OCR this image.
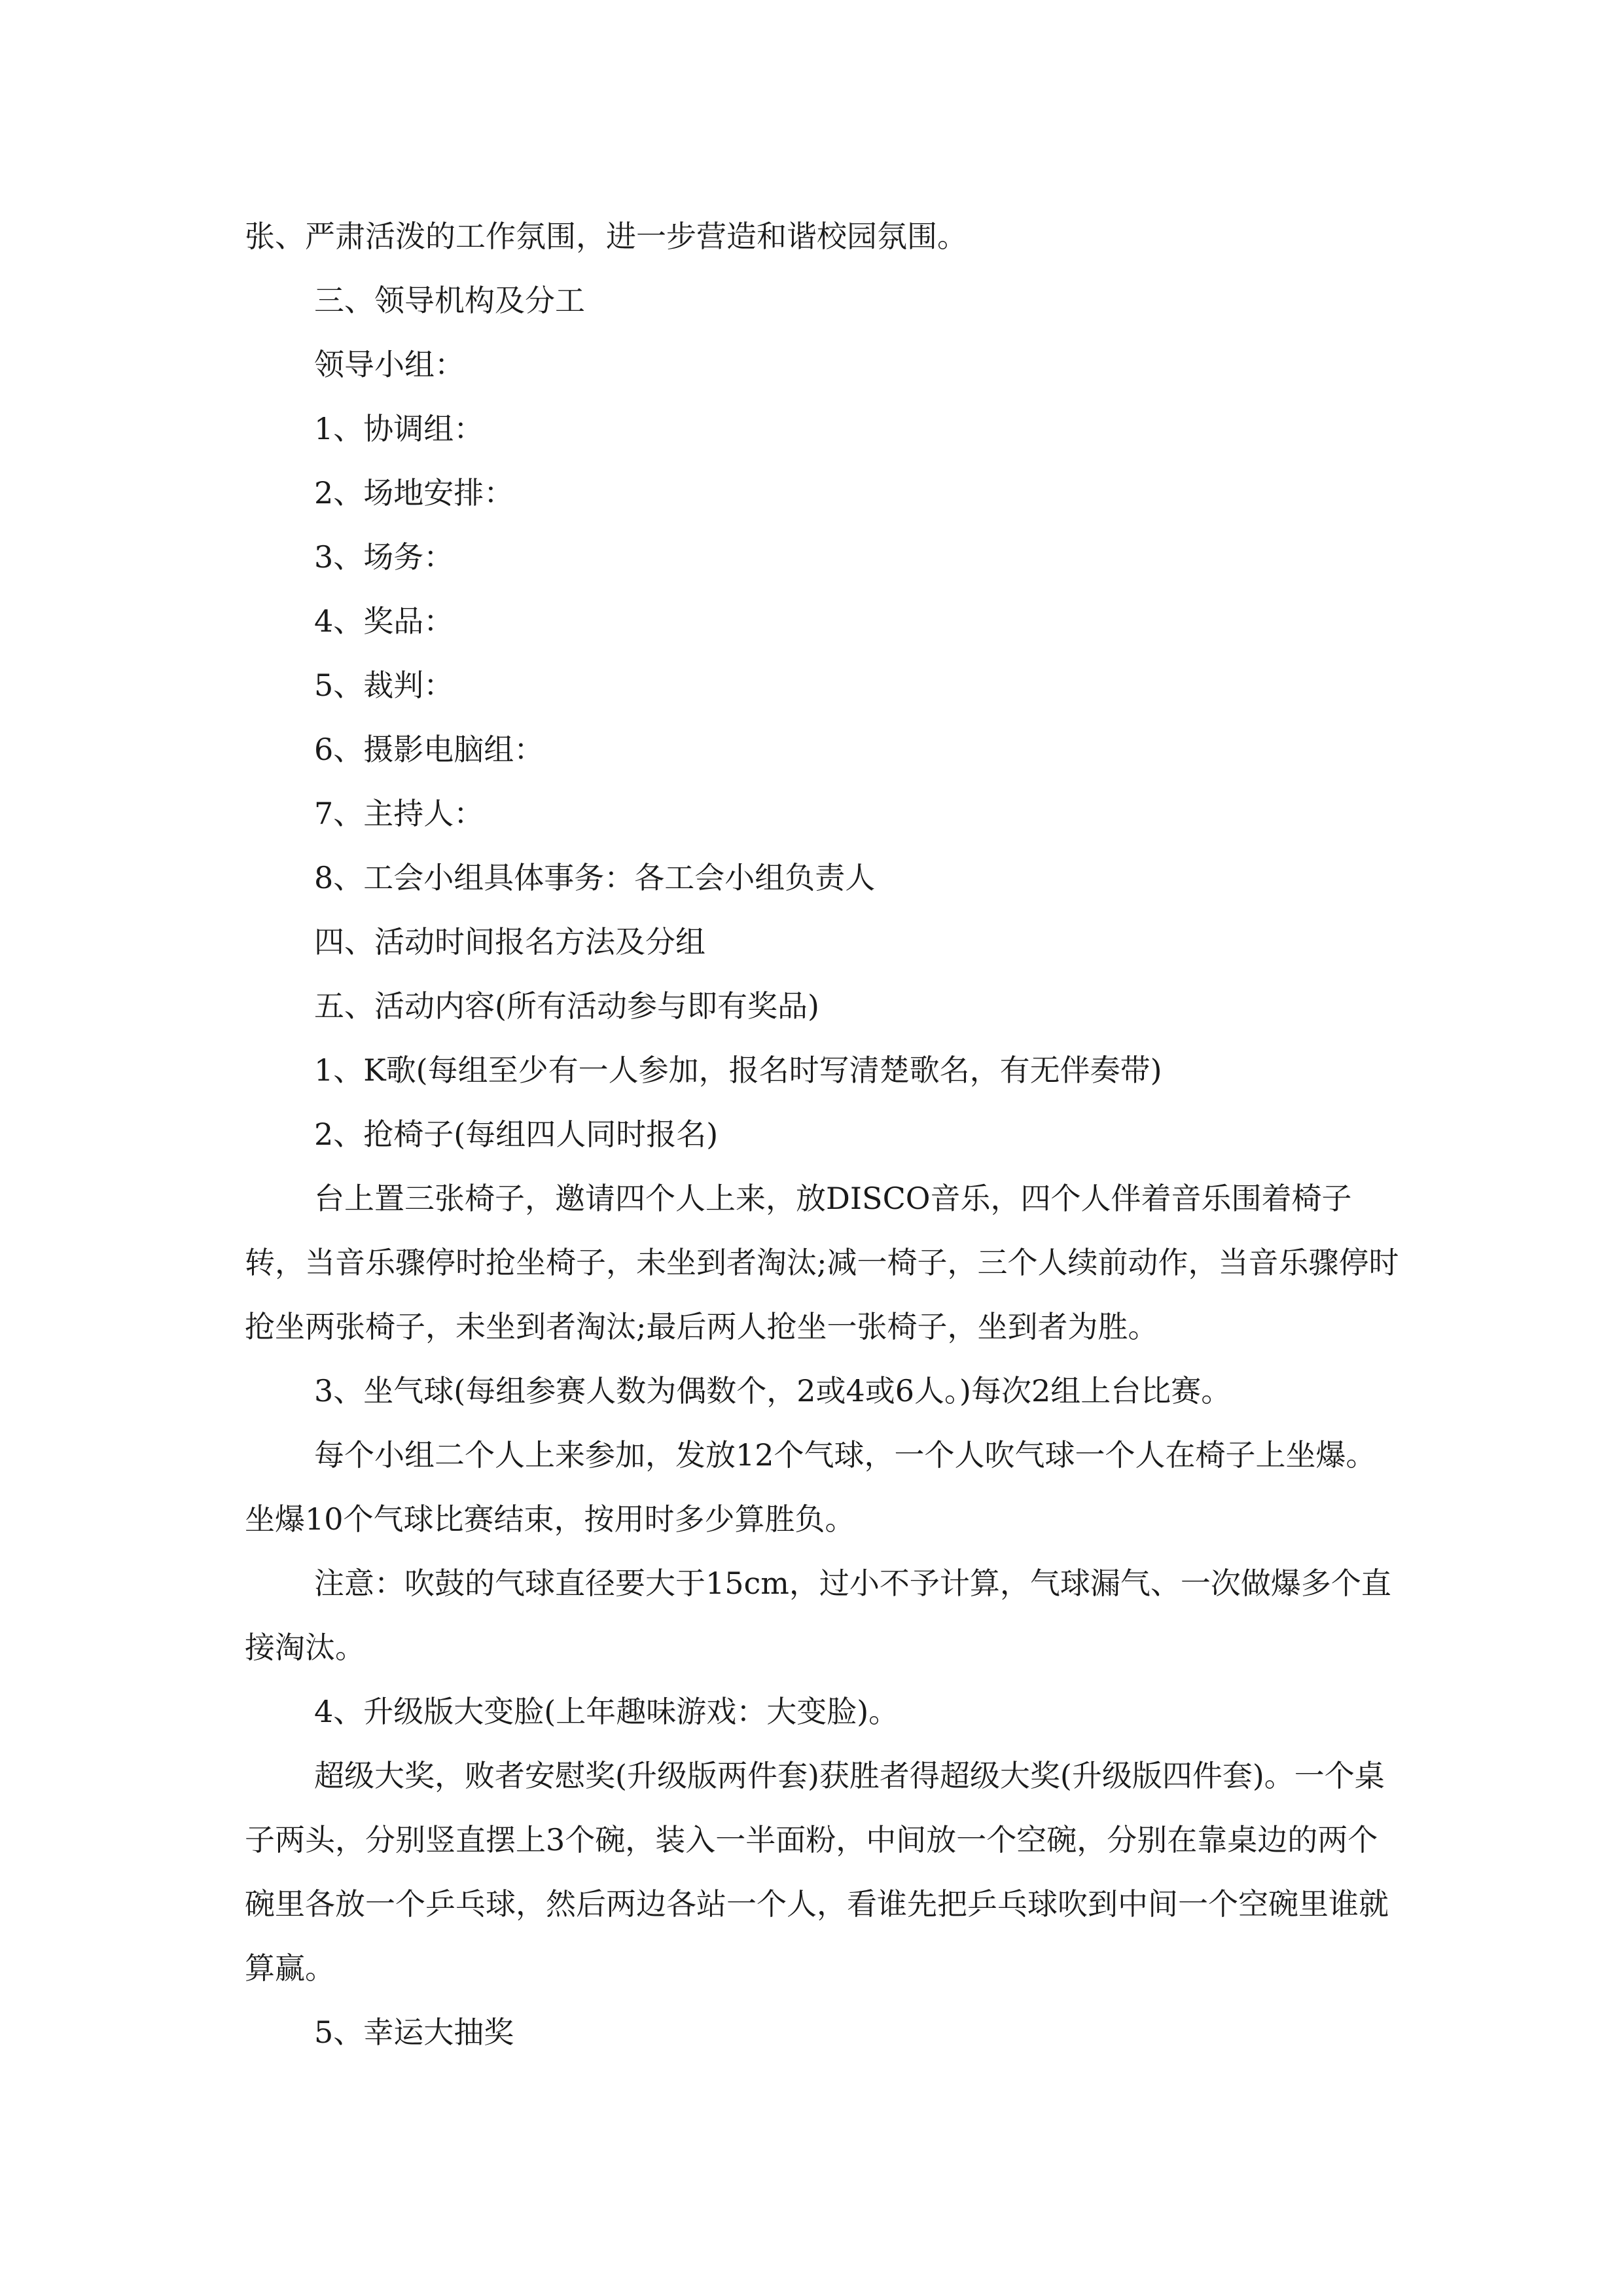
张、严肃活泼的工作氛围，进一步营造和谐校园氛围。

三、领导机构及分工

领导小组：

1、协调组：

2、场地安排：

3、场务：

4、奖品：

5、裁判：

6、摄影电脑组：

7、主持人：

8、工会小组具体事务：各工会小组负责人

四、活动时间报名方法及分组

五、活动内容(所有活动参与即有奖品)

1、K歌(每组至少有一人参加，报名时写清楚歌名，有无伴奏带)

2、抢椅子(每组四人同时报名)

台上置三张椅子，邀请四个人上来，放DISCO音乐，四个人伴着音乐围着椅子转，当音乐骤停时抢坐椅子，未坐到者淘汰;减一椅子，三个人续前动作，当音乐骤停时抢坐两张椅子，未坐到者淘汰;最后两人抢坐一张椅子，坐到者为胜。

3、坐气球(每组参赛人数为偶数个，2或4或6人。)每次2组上台比赛。

每个小组二个人上来参加，发放12个气球，一个人吹气球一个人在椅子上坐爆。坐爆10个气球比赛结束，按用时多少算胜负。

注意：吹鼓的气球直径要大于15cm，过小不予计算，气球漏气、一次做爆多个直接淘汰。

4、升级版大变脸(上年趣味游戏：大变脸)。

超级大奖，败者安慰奖(升级版两件套)获胜者得超级大奖(升级版四件套)。一个桌子两头，分别竖直摆上3个碗，装入一半面粉，中间放一个空碗，分别在靠桌边的两个碗里各放一个乒乓球，然后两边各站一个人，看谁先把乒乓球吹到中间一个空碗里谁就算赢。

5、幸运大抽奖
